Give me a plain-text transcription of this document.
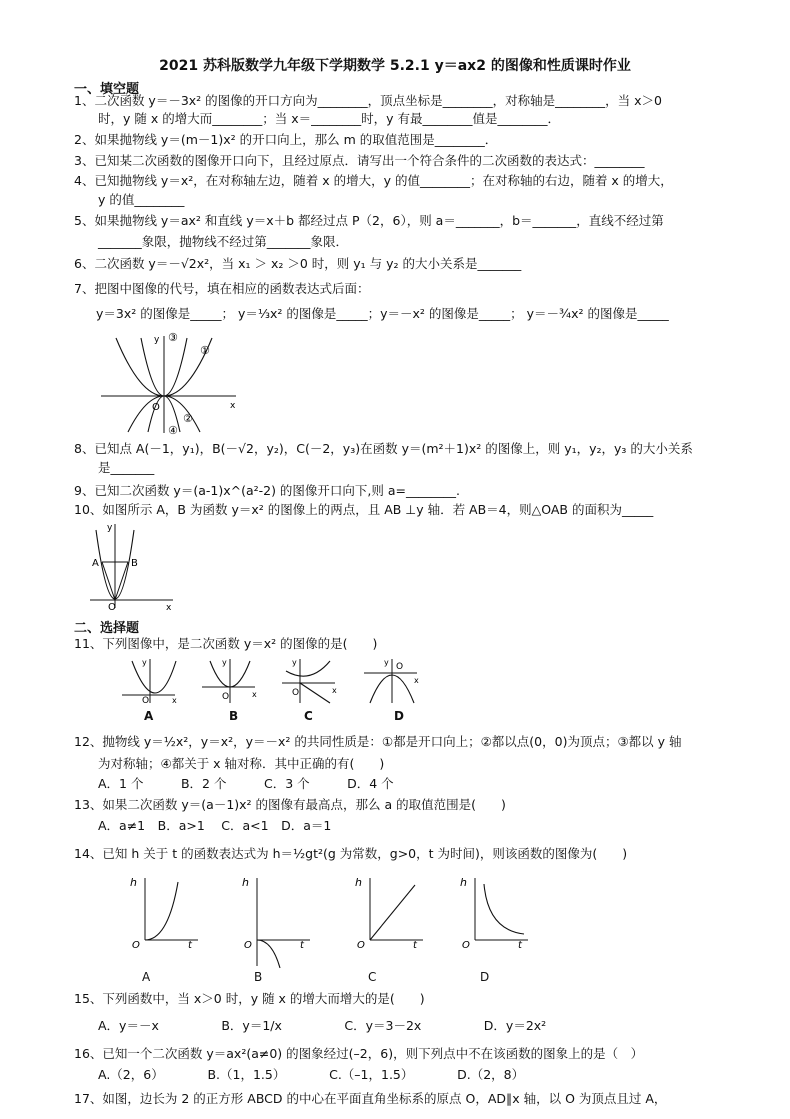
2021 苏科版数学九年级下学期数学 5.2.1 y＝ax2 的图像和性质课时作业
一、填空题
1、二次函数 y＝－3x² 的图像的开口方向为________，顶点坐标是________，对称轴是________，当 x＞0
时，y 随 x 的增大而________；当 x＝________时，y 有最________值是________．
2、如果抛物线 y＝(m－1)x² 的开口向上，那么 m 的取值范围是________．
3、已知某二次函数的图像开口向下，且经过原点．请写出一个符合条件的二次函数的表达式：________
4、已知抛物线 y＝x²，在对称轴左边，随着 x 的增大，y 的值________；在对称轴的右边，随着 x 的增大，
y 的值________
5、如果抛物线 y＝ax² 和直线 y＝x＋b 都经过点 P（2，6），则 a＝_______，b＝_______，直线不经过第
_______象限，抛物线不经过第_______象限．
6、二次函数 y＝－√2x²，当 x₁ ＞ x₂ ＞0 时，则 y₁ 与 y₂ 的大小关系是_______
7、把图中图像的代号，填在相应的函数表达式后面：
y＝3x² 的图像是_____； y＝⅓x² 的图像是_____；y＝－x² 的图像是_____； y＝－¾x² 的图像是_____
y
x
O
①
②
③
④
8、已知点 A(－1，y₁)，B(－√2，y₂)，C(－2，y₃)在函数 y＝(m²＋1)x² 的图像上，则 y₁，y₂，y₃ 的大小关系
是_______
9、已知二次函数 y＝(a-1)x^(a²-2) 的图像开口向下,则 a=________.
10、如图所示 A，B 为函数 y＝x² 的图像上的两点，且 AB ⊥y 轴．若 AB＝4，则△OAB 的面积为_____
y
x
O
A	B
二、选择题
11、下列图像中，是二次函数 y＝x² 的图像的是(　　)
y
x
O
A
y
x
O
B
y
x
O
C
y
x
O
D
12、抛物线 y＝½x²，y＝x²，y＝－x² 的共同性质是：①都是开口向上；②都以点(0，0)为顶点；③都以 y 轴
为对称轴；④都关于 x 轴对称．其中正确的有(　　)
A．1 个　　　B．2 个　　　C．3 个　　　D．4 个
13、如果二次函数 y＝(a－1)x² 的图像有最高点，那么 a 的取值范围是(　　)
A．a≠1　B．a>1　 C．a<1　D．a＝1
14、已知 h 关于 t 的函数表达式为 h＝½gt²(g 为常数，g>0，t 为时间)，则该函数的图像为(　　)
h
t
O
A
h
t
O
B
h
t
O
C
h
t
O
D
15、下列函数中，当 x＞0 时，y 随 x 的增大而增大的是(　　)
A．y＝－x　　　　　B．y＝1/x　　　　　C．y＝3－2x　　　　　D．y＝2x²
16、已知一个二次函数 y＝ax²(a≠0) 的图象经过(–2，6)，则下列点中不在该函数的图象上的是（　）
A.（2，6）　　　　B.（1，1.5）　　　　C.（–1，1.5）　　　　D.（2，8）
17、如图，边长为 2 的正方形 ABCD 的中心在平面直角坐标系的原点 O，AD∥x 轴，以 O 为顶点且过 A，
